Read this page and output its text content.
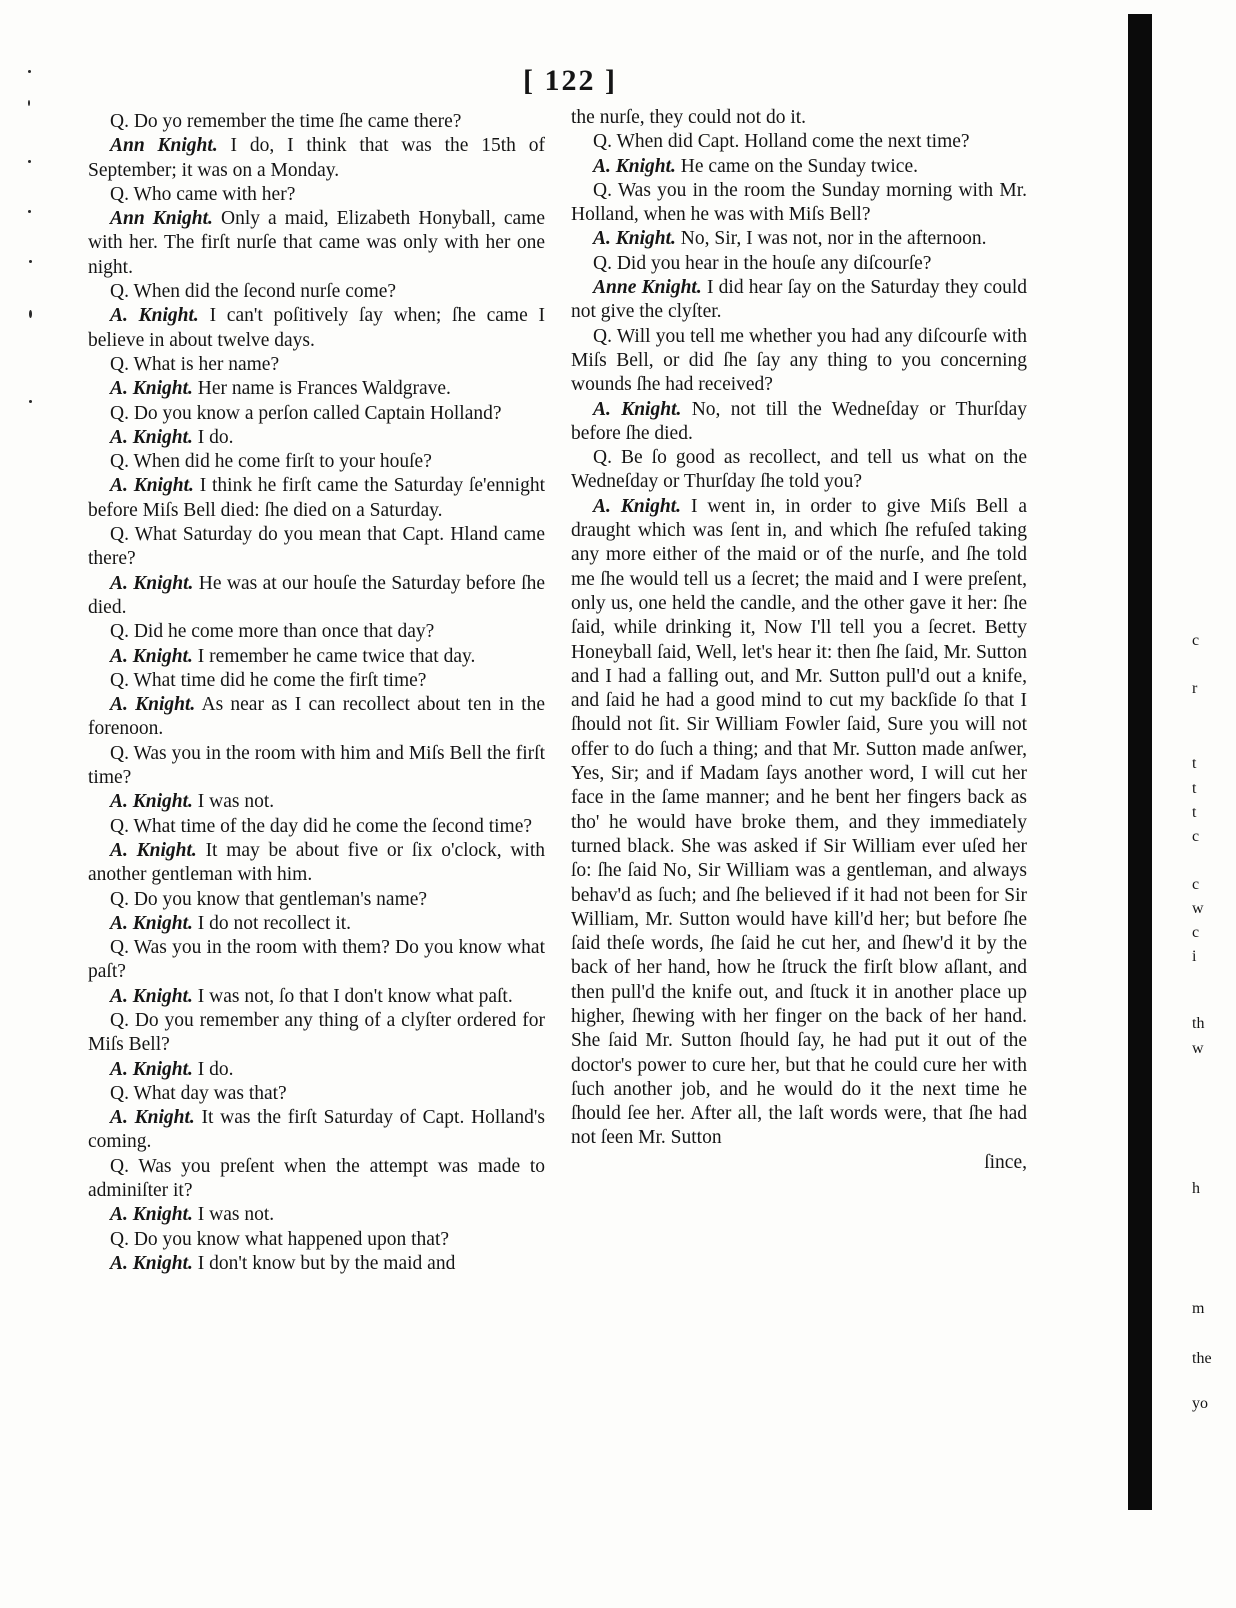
[ 122 ]

Q. Do yo remember the time ſhe came there?

Ann Knight. I do, I think that was the 15th of September; it was on a Monday.

Q. Who came with her?

Ann Knight. Only a maid, Elizabeth Honyball, came with her. The firſt nurſe that came was only with her one night.

Q. When did the ſecond nurſe come?

A. Knight. I can't poſitively ſay when; ſhe came I believe in about twelve days.

Q. What is her name?

A. Knight. Her name is Frances Waldgrave.

Q. Do you know a perſon called Captain Holland?

A. Knight. I do.

Q. When did he come firſt to your houſe?

A. Knight. I think he firſt came the Saturday ſe'ennight before Miſs Bell died: ſhe died on a Saturday.

Q. What Saturday do you mean that Capt. Hland came there?

A. Knight. He was at our houſe the Saturday before ſhe died.

Q. Did he come more than once that day?

A. Knight. I remember he came twice that day.

Q. What time did he come the firſt time?

A. Knight. As near as I can recollect about ten in the forenoon.

Q. Was you in the room with him and Miſs Bell the firſt time?

A. Knight. I was not.

Q. What time of the day did he come the ſecond time?

A. Knight. It may be about five or ſix o'clock, with another gentleman with him.

Q. Do you know that gentleman's name?

A. Knight. I do not recollect it.

Q. Was you in the room with them? Do you know what paſt?

A. Knight. I was not, ſo that I don't know what paſt.

Q. Do you remember any thing of a clyſter ordered for Miſs Bell?

A. Knight. I do.

Q. What day was that?

A. Knight. It was the firſt Saturday of Capt. Holland's coming.

Q. Was you preſent when the attempt was made to adminiſter it?

A. Knight. I was not.

Q. Do you know what happened upon that?

A. Knight. I don't know but by the maid and

the nurſe, they could not do it.

Q. When did Capt. Holland come the next time?

A. Knight. He came on the Sunday twice.

Q. Was you in the room the Sunday morning with Mr. Holland, when he was with Miſs Bell?

A. Knight. No, Sir, I was not, nor in the afternoon.

Q. Did you hear in the houſe any diſcourſe?

Anne Knight. I did hear ſay on the Saturday they could not give the clyſter.

Q. Will you tell me whether you had any diſcourſe with Miſs Bell, or did ſhe ſay any thing to you concerning wounds ſhe had received?

A. Knight. No, not till the Wedneſday or Thurſday before ſhe died.

Q. Be ſo good as recollect, and tell us what on the Wedneſday or Thurſday ſhe told you?

A. Knight. I went in, in order to give Miſs Bell a draught which was ſent in, and which ſhe refuſed taking any more either of the maid or of the nurſe, and ſhe told me ſhe would tell us a ſecret; the maid and I were preſent, only us, one held the candle, and the other gave it her: ſhe ſaid, while drinking it, Now I'll tell you a ſecret. Betty Honeyball ſaid, Well, let's hear it: then ſhe ſaid, Mr. Sutton and I had a falling out, and Mr. Sutton pull'd out a knife, and ſaid he had a good mind to cut my backſide ſo that I ſhould not ſit. Sir William Fowler ſaid, Sure you will not offer to do ſuch a thing; and that Mr. Sutton made anſwer, Yes, Sir; and if Madam ſays another word, I will cut her face in the ſame manner; and he bent her fingers back as tho' he would have broke them, and they immediately turned black. She was asked if Sir William ever uſed her ſo: ſhe ſaid No, Sir William was a gentleman, and always behav'd as ſuch; and ſhe believed if it had not been for Sir William, Mr. Sutton would have kill'd her; but before ſhe ſaid theſe words, ſhe ſaid he cut her, and ſhew'd it by the back of her hand, how he ſtruck the firſt blow aſlant, and then pull'd the knife out, and ſtuck it in another place up higher, ſhewing with her finger on the back of her hand. She ſaid Mr. Sutton ſhould ſay, he had put it out of the doctor's power to cure her, but that he could cure her with ſuch another job, and he would do it the next time he ſhould ſee her. After all, the laſt words were, that ſhe had not ſeen Mr. Sutton

ſince,

c
r
t
t
t
c
c
w
c
i
th
w
h
m
the
yo
